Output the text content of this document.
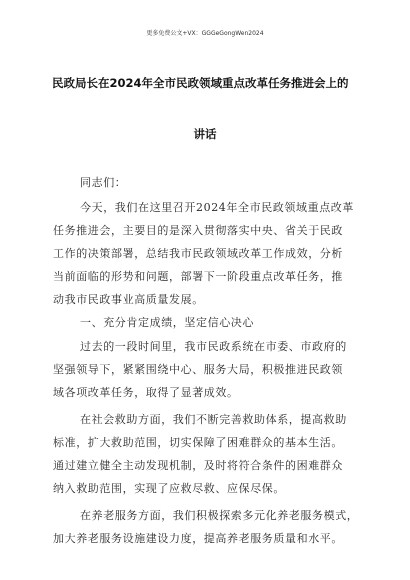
更多免费公文+VX：GGGeGongWen2024
民政局长在2024年全市民政领域重点改革任务推进会上的
讲话
同志们：
今天，我们在这里召开2024年全市民政领域重点改革
任务推进会，主要目的是深入贯彻落实中央、省关于民政
工作的决策部署，总结我市民政领域改革工作成效，分析
当前面临的形势和问题，部署下一阶段重点改革任务，推
动我市民政事业高质量发展。
一、充分肯定成绩，坚定信心决心
过去的一段时间里，我市民政系统在市委、市政府的
坚强领导下，紧紧围绕中心、服务大局，积极推进民政领
域各项改革任务，取得了显著成效。
在社会救助方面，我们不断完善救助体系，提高救助
标准，扩大救助范围，切实保障了困难群众的基本生活。
通过建立健全主动发现机制，及时将符合条件的困难群众
纳入救助范围，实现了应救尽救、应保尽保。
在养老服务方面，我们积极探索多元化养老服务模式，
加大养老服务设施建设力度，提高养老服务质量和水平。
